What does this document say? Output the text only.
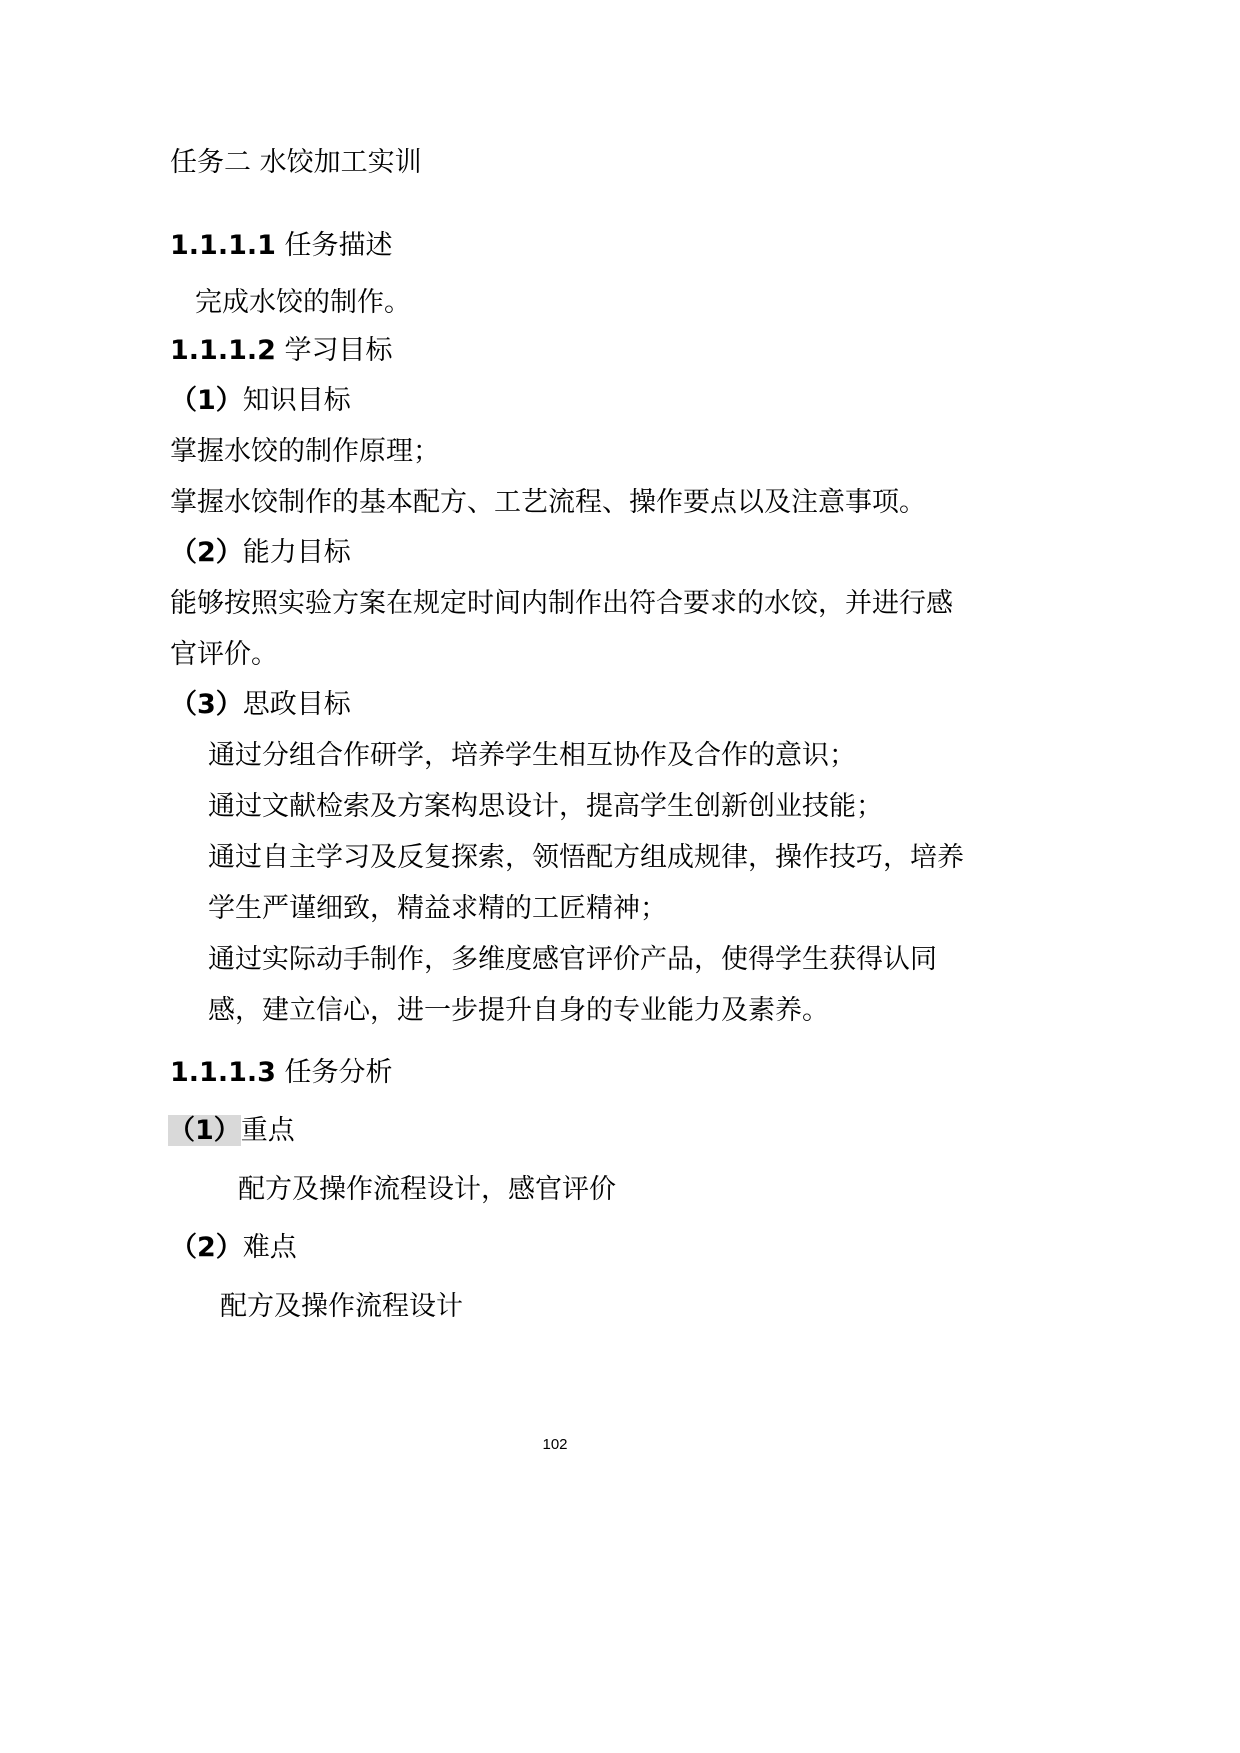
任务二 水饺加工实训
1.1.1.1 任务描述
完成水饺的制作。
1.1.1.2 学习目标
（1）知识目标
掌握水饺的制作原理；
掌握水饺制作的基本配方、工艺流程、操作要点以及注意事项。
（2）能力目标
能够按照实验方案在规定时间内制作出符合要求的水饺，并进行感
官评价。
（3）思政目标
通过分组合作研学，培养学生相互协作及合作的意识；
通过文献检索及方案构思设计，提高学生创新创业技能；
通过自主学习及反复探索，领悟配方组成规律，操作技巧，培养
学生严谨细致，精益求精的工匠精神；
通过实际动手制作，多维度感官评价产品，使得学生获得认同
感，建立信心，进一步提升自身的专业能力及素养。
1.1.1.3 任务分析
（1）重点
配方及操作流程设计，感官评价
（2）难点
配方及操作流程设计
102
